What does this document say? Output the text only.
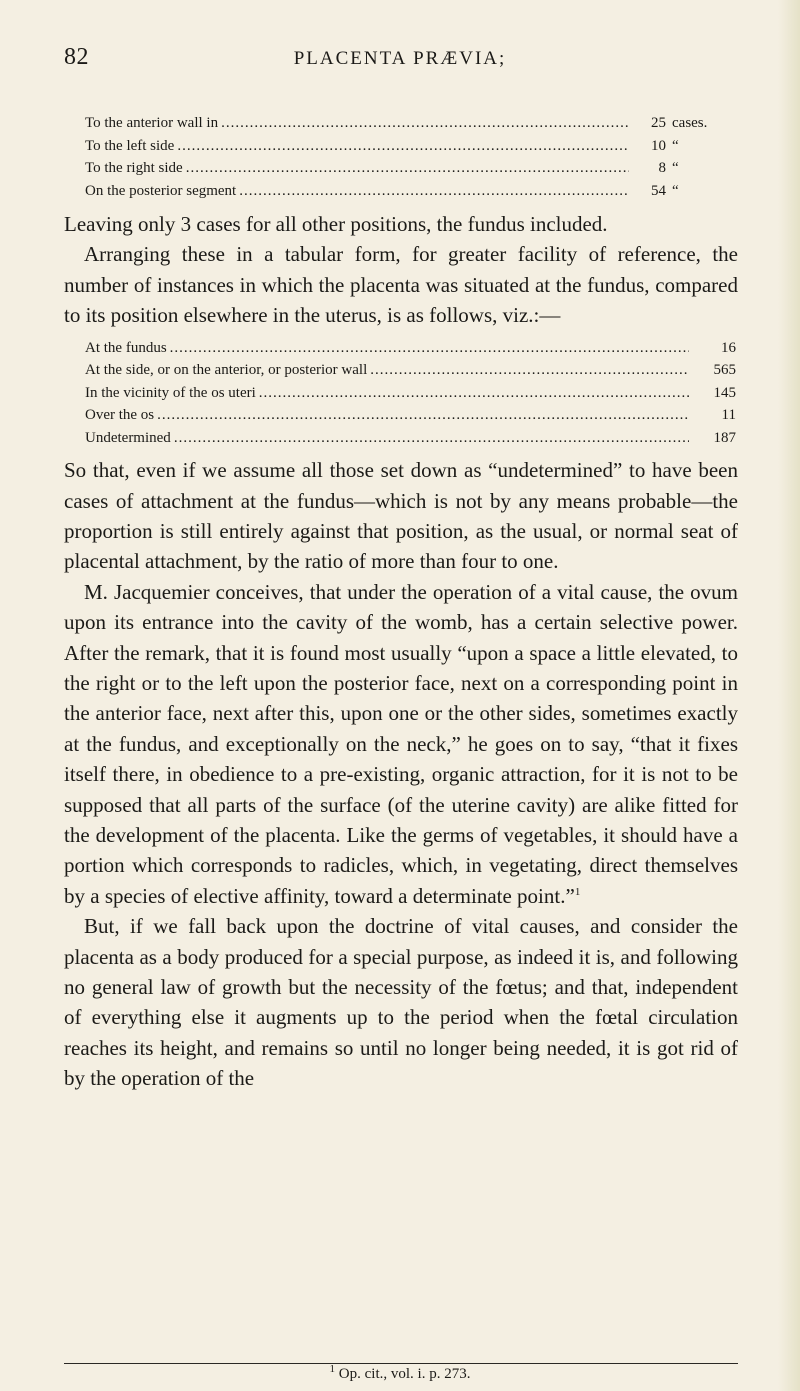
82	PLACENTA PRÆVIA;
To the anterior wall in .....	25 cases.
To the left side .....	10 “
To the right side .....	8 “
On the posterior segment .....	54 “

Leaving only 3 cases for all other positions, the fundus included.

Arranging these in a tabular form, for greater facility of reference, the number of instances in which the placenta was situated at the fundus, compared to its position elsewhere in the uterus, is as follows, viz.:—

At the fundus .....	16
At the side, or on the anterior, or posterior wall .....	565
In the vicinity of the os uteri .....	145
Over the os .....	11
Undetermined .....	187

So that, even if we assume all those set down as “undetermined” to have been cases of attachment at the fundus—which is not by any means probable—the proportion is still entirely against that position, as the usual, or normal seat of placental attachment, by the ratio of more than four to one.

M. Jacquemier conceives, that under the operation of a vital cause, the ovum upon its entrance into the cavity of the womb, has a certain selective power. After the remark, that it is found most usually “upon a space a little elevated, to the right or to the left upon the posterior face, next on a corresponding point in the anterior face, next after this, upon one or the other sides, sometimes exactly at the fundus, and exceptionally on the neck,” he goes on to say, “that it fixes itself there, in obedience to a pre-existing, organic attraction, for it is not to be supposed that all parts of the surface (of the uterine cavity) are alike fitted for the development of the placenta. Like the germs of vegetables, it should have a portion which corresponds to radicles, which, in vegetating, direct themselves by a species of elective affinity, toward a determinate point.”$^1$

But, if we fall back upon the doctrine of vital causes, and consider the placenta as a body produced for a special purpose, as indeed it is, and following no general law of growth but the necessity of the fœtus; and that, independent of everything else it augments up to the period when the fœtal circulation reaches its height, and remains so until no longer being needed, it is got rid of by the operation of the

$^1$ Op. cit., vol. i. p. 273.
